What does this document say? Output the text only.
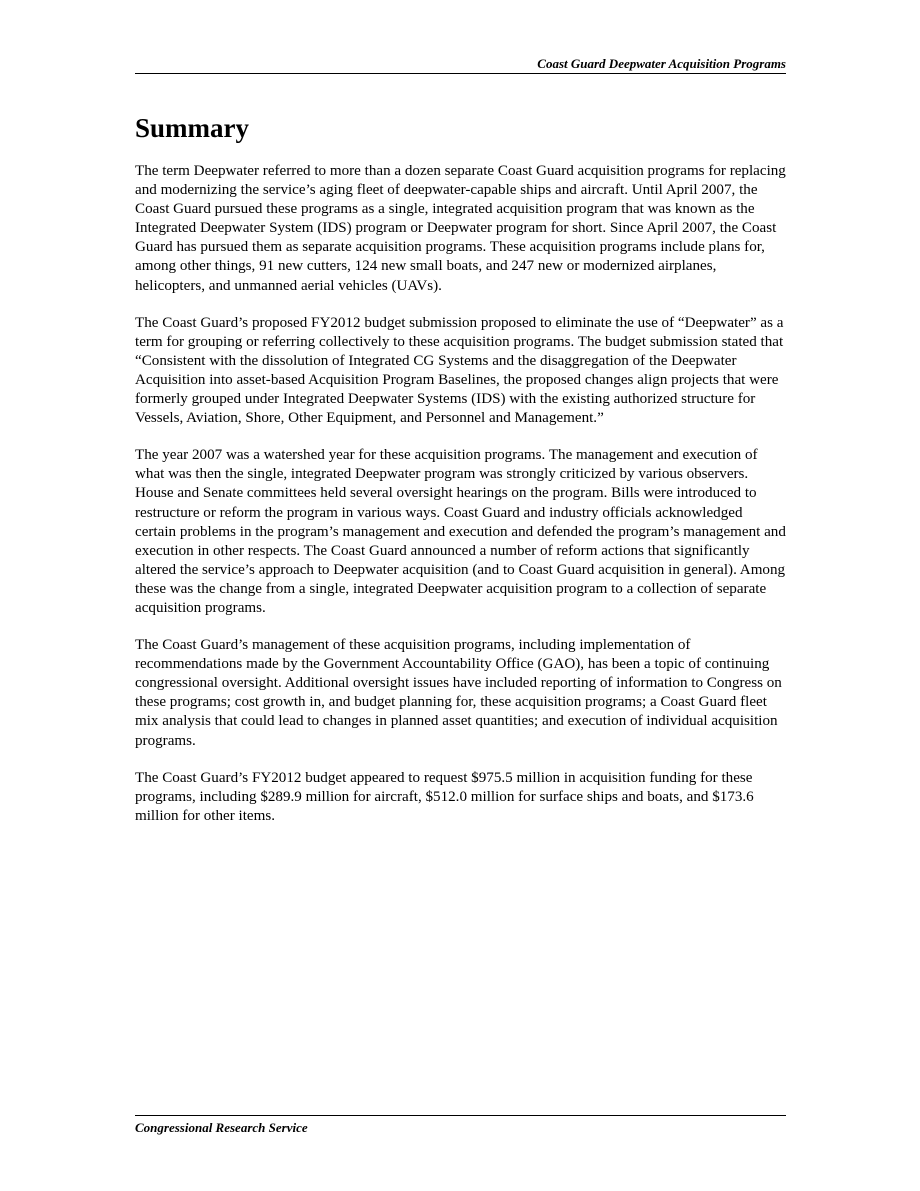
Coast Guard Deepwater Acquisition Programs
Summary

The term Deepwater referred to more than a dozen separate Coast Guard acquisition programs for replacing and modernizing the service’s aging fleet of deepwater-capable ships and aircraft. Until April 2007, the Coast Guard pursued these programs as a single, integrated acquisition program that was known as the Integrated Deepwater System (IDS) program or Deepwater program for short. Since April 2007, the Coast Guard has pursued them as separate acquisition programs. These acquisition programs include plans for, among other things, 91 new cutters, 124 new small boats, and 247 new or modernized airplanes, helicopters, and unmanned aerial vehicles (UAVs).

The Coast Guard’s proposed FY2012 budget submission proposed to eliminate the use of “Deepwater” as a term for grouping or referring collectively to these acquisition programs. The budget submission stated that “Consistent with the dissolution of Integrated CG Systems and the disaggregation of the Deepwater Acquisition into asset-based Acquisition Program Baselines, the proposed changes align projects that were formerly grouped under Integrated Deepwater Systems (IDS) with the existing authorized structure for Vessels, Aviation, Shore, Other Equipment, and Personnel and Management.”

The year 2007 was a watershed year for these acquisition programs. The management and execution of what was then the single, integrated Deepwater program was strongly criticized by various observers. House and Senate committees held several oversight hearings on the program. Bills were introduced to restructure or reform the program in various ways. Coast Guard and industry officials acknowledged certain problems in the program’s management and execution and defended the program’s management and execution in other respects. The Coast Guard announced a number of reform actions that significantly altered the service’s approach to Deepwater acquisition (and to Coast Guard acquisition in general). Among these was the change from a single, integrated Deepwater acquisition program to a collection of separate acquisition programs.

The Coast Guard’s management of these acquisition programs, including implementation of recommendations made by the Government Accountability Office (GAO), has been a topic of continuing congressional oversight. Additional oversight issues have included reporting of information to Congress on these programs; cost growth in, and budget planning for, these acquisition programs; a Coast Guard fleet mix analysis that could lead to changes in planned asset quantities; and execution of individual acquisition programs.

The Coast Guard’s FY2012 budget appeared to request $975.5 million in acquisition funding for these programs, including $289.9 million for aircraft, $512.0 million for surface ships and boats, and $173.6 million for other items.

Congressional Research Service
